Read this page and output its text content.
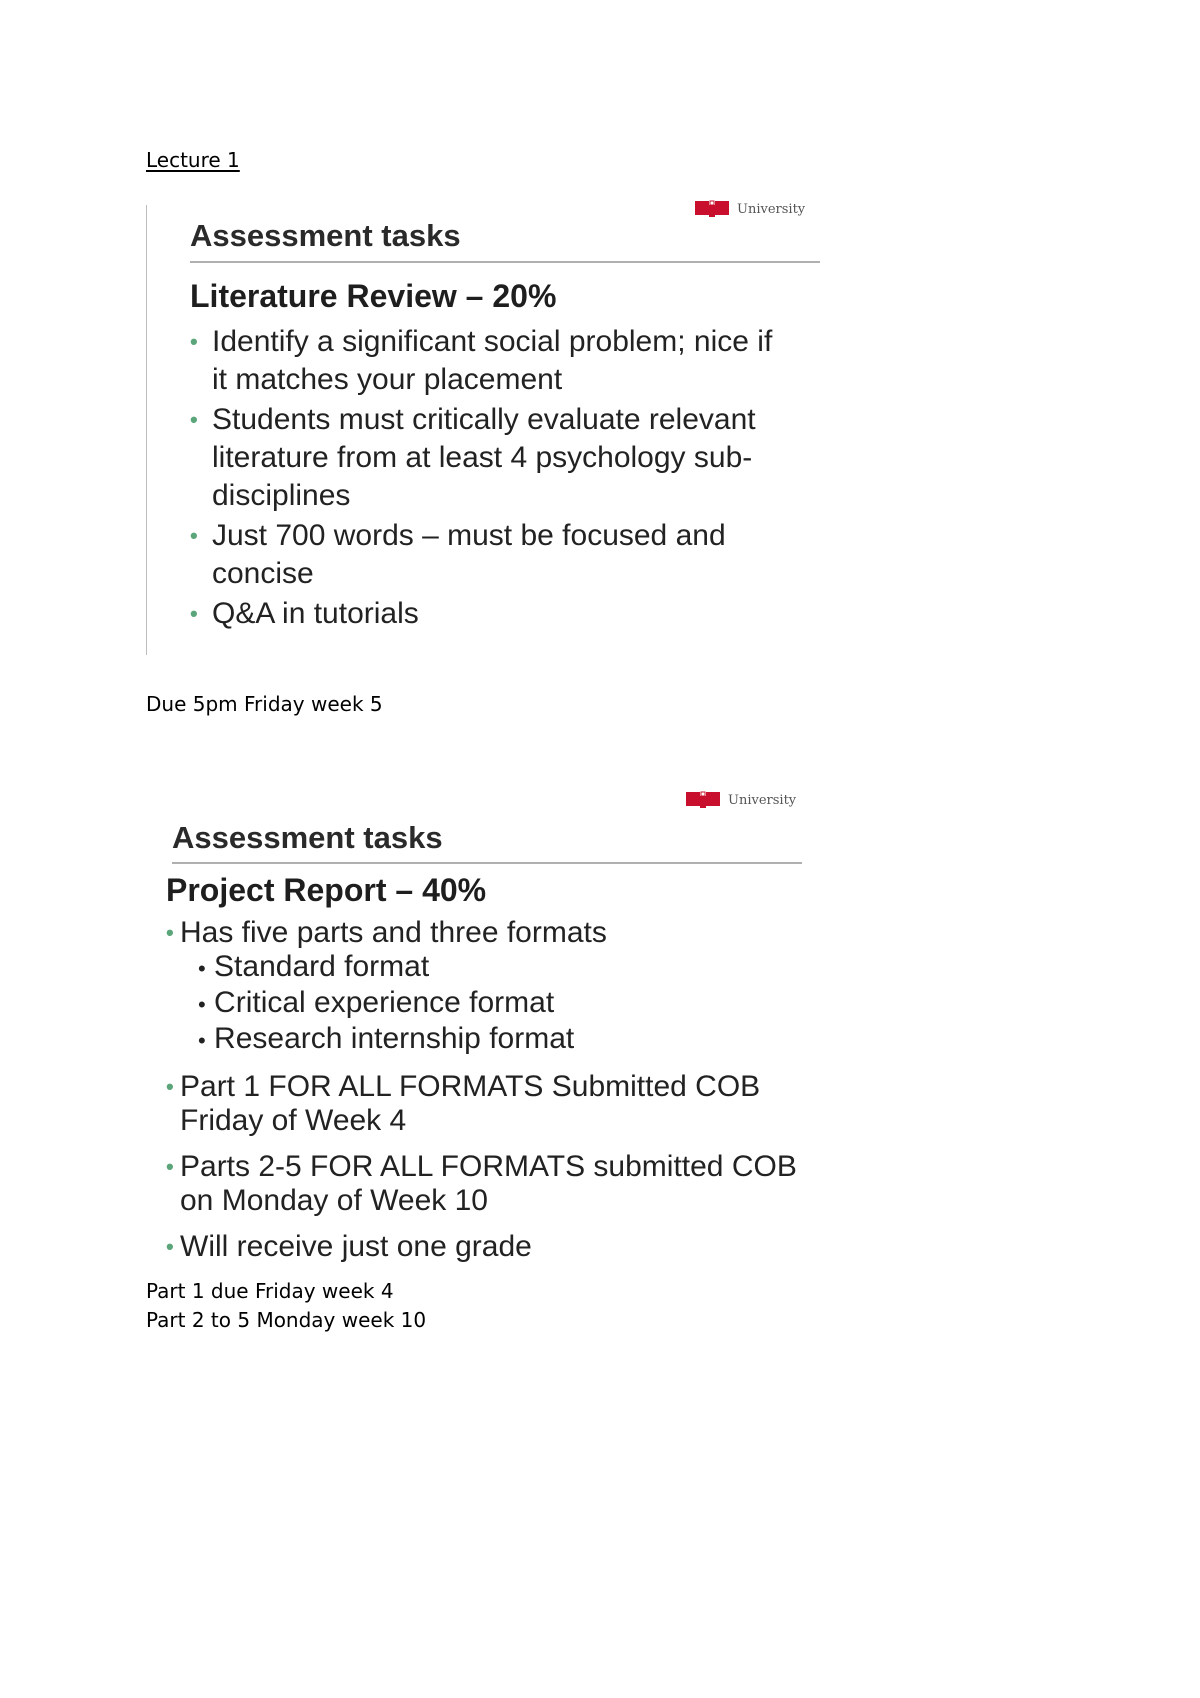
Lecture 1
University
Assessment tasks
Literature Review – 20%
• Identify a significant social problem; nice if
it matches your placement
• Students must critically evaluate relevant
literature from at least 4 psychology sub-
disciplines
• Just 700 words – must be focused and
concise
• Q&A in tutorials
Due 5pm Friday week 5
University
Assessment tasks
Project Report – 40%
• Has five parts and three formats
• Standard format
• Critical experience format
• Research internship format
• Part 1 FOR ALL FORMATS Submitted COB
Friday of Week 4
• Parts 2-5 FOR ALL FORMATS submitted COB
on Monday of Week 10
• Will receive just one grade
Part 1 due Friday week 4
Part 2 to 5 Monday week 10
